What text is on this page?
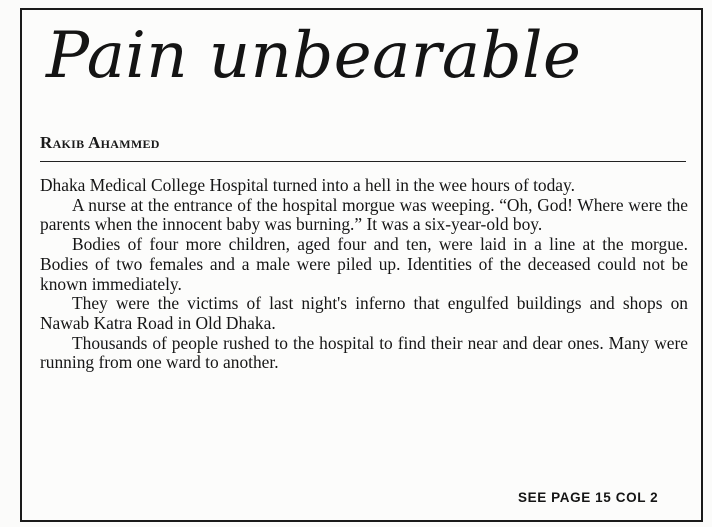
Pain unbearable
Rakib Ahammed

Dhaka Medical College Hospital turned into a hell in the wee hours of today.

A nurse at the entrance of the hospital morgue was weeping. “Oh, God! Where were the parents when the innocent baby was burning.” It was a six-year-old boy.

Bodies of four more children, aged four and ten, were laid in a line at the morgue. Bodies of two females and a male were piled up. Identities of the deceased could not be known immediately.

They were the victims of last night's inferno that engulfed buildings and shops on Nawab Katra Road in Old Dhaka.

Thousands of people rushed to the hospital to find their near and dear ones. Many were running from one ward to another.

SEE PAGE 15 COL 2
